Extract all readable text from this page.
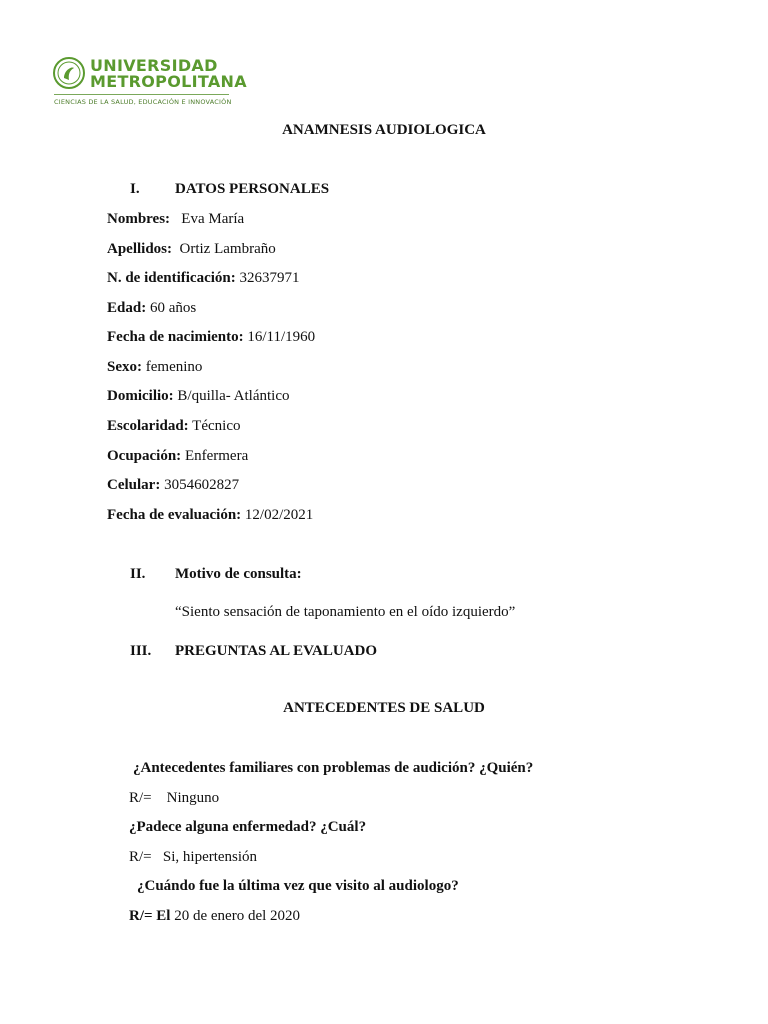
UNIVERSIDAD
METROPOLITANA
CIENCIAS DE LA SALUD, EDUCACIÓN E INNOVACIÓN
ANAMNESIS AUDIOLOGICA
I. DATOS PERSONALES
Nombres: Eva María
Apellidos: Ortiz Lambraño
N. de identificación: 32637971
Edad: 60 años
Fecha de nacimiento: 16/11/1960
Sexo: femenino
Domicilio: B/quilla- Atlántico
Escolaridad: Técnico
Ocupación: Enfermera
Celular: 3054602827
Fecha de evaluación: 12/02/2021
II. Motivo de consulta:
“Siento sensación de taponamiento en el oído izquierdo”
III. PREGUNTAS AL EVALUADO
ANTECEDENTES DE SALUD
¿Antecedentes familiares con problemas de audición? ¿Quién?
R/= Ninguno
¿Padece alguna enfermedad? ¿Cuál?
R/= Si, hipertensión
¿Cuándo fue la última vez que visito al audiologo?
R/= El 20 de enero del 2020
